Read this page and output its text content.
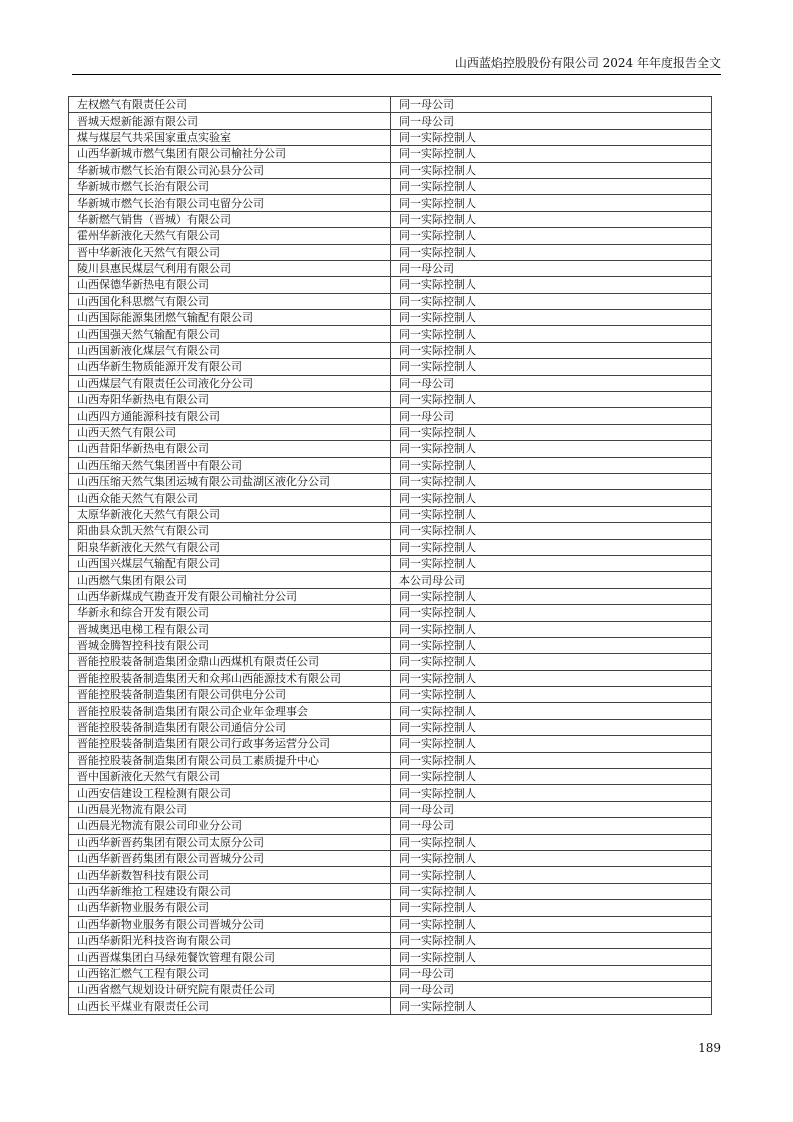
山西蓝焰控股股份有限公司 2024 年年度报告全文
左权燃气有限责任公司	同一母公司
晋城天煜新能源有限公司	同一母公司
煤与煤层气共采国家重点实验室	同一实际控制人
山西华新城市燃气集团有限公司榆社分公司	同一实际控制人
华新城市燃气长治有限公司沁县分公司	同一实际控制人
华新城市燃气长治有限公司	同一实际控制人
华新城市燃气长治有限公司屯留分公司	同一实际控制人
华新燃气销售（晋城）有限公司	同一实际控制人
霍州华新液化天然气有限公司	同一实际控制人
晋中华新液化天然气有限公司	同一实际控制人
陵川县惠民煤层气利用有限公司	同一母公司
山西保德华新热电有限公司	同一实际控制人
山西国化科思燃气有限公司	同一实际控制人
山西国际能源集团燃气输配有限公司	同一实际控制人
山西国强天然气输配有限公司	同一实际控制人
山西国新液化煤层气有限公司	同一实际控制人
山西华新生物质能源开发有限公司	同一实际控制人
山西煤层气有限责任公司液化分公司	同一母公司
山西寿阳华新热电有限公司	同一实际控制人
山西四方通能源科技有限公司	同一母公司
山西天然气有限公司	同一实际控制人
山西昔阳华新热电有限公司	同一实际控制人
山西压缩天然气集团晋中有限公司	同一实际控制人
山西压缩天然气集团运城有限公司盐湖区液化分公司	同一实际控制人
山西众能天然气有限公司	同一实际控制人
太原华新液化天然气有限公司	同一实际控制人
阳曲县众凯天然气有限公司	同一实际控制人
阳泉华新液化天然气有限公司	同一实际控制人
山西国兴煤层气输配有限公司	同一实际控制人
山西燃气集团有限公司	本公司母公司
山西华新煤成气勘查开发有限公司榆社分公司	同一实际控制人
华新永和综合开发有限公司	同一实际控制人
晋城奥迅电梯工程有限公司	同一实际控制人
晋城金腾智控科技有限公司	同一实际控制人
晋能控股装备制造集团金鼎山西煤机有限责任公司	同一实际控制人
晋能控股装备制造集团天和众邦山西能源技术有限公司	同一实际控制人
晋能控股装备制造集团有限公司供电分公司	同一实际控制人
晋能控股装备制造集团有限公司企业年金理事会	同一实际控制人
晋能控股装备制造集团有限公司通信分公司	同一实际控制人
晋能控股装备制造集团有限公司行政事务运营分公司	同一实际控制人
晋能控股装备制造集团有限公司员工素质提升中心	同一实际控制人
晋中国新液化天然气有限公司	同一实际控制人
山西安信建设工程检测有限公司	同一实际控制人
山西晨光物流有限公司	同一母公司
山西晨光物流有限公司印业分公司	同一母公司
山西华新晋药集团有限公司太原分公司	同一实际控制人
山西华新晋药集团有限公司晋城分公司	同一实际控制人
山西华新数智科技有限公司	同一实际控制人
山西华新维抢工程建设有限公司	同一实际控制人
山西华新物业服务有限公司	同一实际控制人
山西华新物业服务有限公司晋城分公司	同一实际控制人
山西华新阳光科技咨询有限公司	同一实际控制人
山西晋煤集团白马绿苑餐饮管理有限公司	同一实际控制人
山西铭汇燃气工程有限公司	同一母公司
山西省燃气规划设计研究院有限责任公司	同一母公司
山西长平煤业有限责任公司	同一实际控制人
189
